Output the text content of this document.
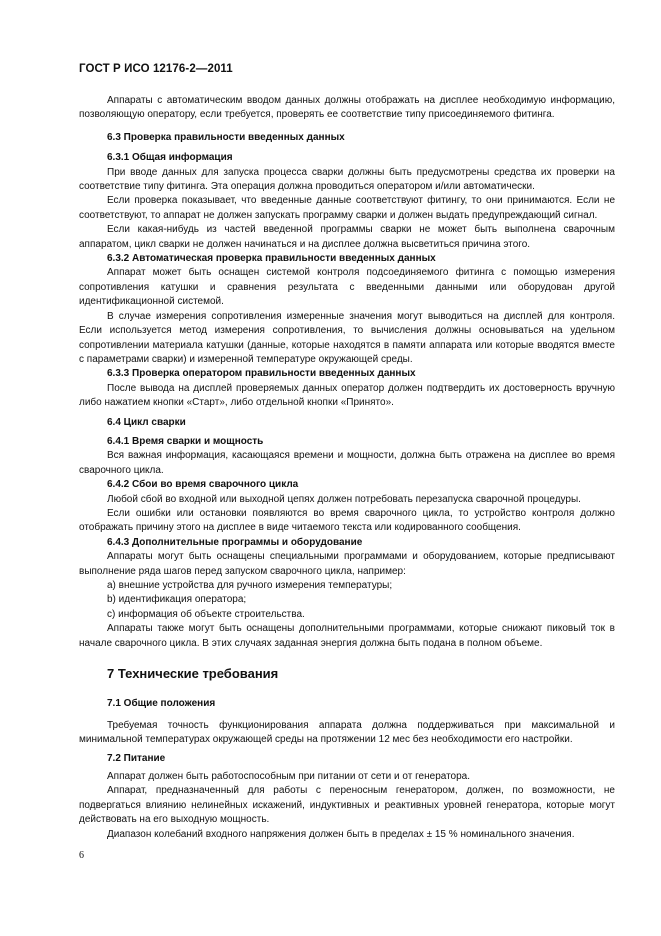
ГОСТ Р ИСО 12176-2—2011

Аппараты с автоматическим вводом данных должны отображать на дисплее необходимую информацию, позволяющую оператору, если требуется, проверять ее соответствие типу присоединяемого фитинга.

6.3 Проверка правильности введенных данных

6.3.1 Общая информация

При вводе данных для запуска процесса сварки должны быть предусмотрены средства их проверки на соответствие типу фитинга. Эта операция должна проводиться оператором и/или автоматически.

Если проверка показывает, что введенные данные соответствуют фитингу, то они принимаются. Если не соответствуют, то аппарат не должен запускать программу сварки и должен выдать предупреждающий сигнал.

Если какая-нибудь из частей введенной программы сварки не может быть выполнена сварочным аппаратом, цикл сварки не должен начинаться и на дисплее должна высветиться причина этого.

6.3.2 Автоматическая проверка правильности введенных данных

Аппарат может быть оснащен системой контроля подсоединяемого фитинга с помощью измерения сопротивления катушки и сравнения результата с введенными данными или оборудован другой идентификационной системой.

В случае измерения сопротивления измеренные значения могут выводиться на дисплей для контроля. Если используется метод измерения сопротивления, то вычисления должны основываться на удельном сопротивлении материала катушки (данные, которые находятся в памяти аппарата или которые вводятся вместе с параметрами сварки) и измеренной температуре окружающей среды.

6.3.3 Проверка оператором правильности введенных данных

После вывода на дисплей проверяемых данных оператор должен подтвердить их достоверность вручную либо нажатием кнопки «Старт», либо отдельной кнопки «Принято».

6.4 Цикл сварки

6.4.1 Время сварки и мощность

Вся важная информация, касающаяся времени и мощности, должна быть отражена на дисплее во время сварочного цикла.

6.4.2 Сбои во время сварочного цикла

Любой сбой во входной или выходной цепях должен потребовать перезапуска сварочной процедуры.

Если ошибки или остановки появляются во время сварочного цикла, то устройство контроля должно отображать причину этого на дисплее в виде читаемого текста или кодированного сообщения.

6.4.3 Дополнительные программы и оборудование

Аппараты могут быть оснащены специальными программами и оборудованием, которые предписывают выполнение ряда шагов перед запуском сварочного цикла, например:

a) внешние устройства для ручного измерения температуры;

b) идентификация оператора;

c) информация об объекте строительства.

Аппараты также могут быть оснащены дополнительными программами, которые снижают пиковый ток в начале сварочного цикла. В этих случаях заданная энергия должна быть подана в полном объеме.

7 Технические требования

7.1 Общие положения

Требуемая точность функционирования аппарата должна поддерживаться при максимальной и минимальной температурах окружающей среды на протяжении 12 мес без необходимости его настройки.

7.2 Питание

Аппарат должен быть работоспособным при питании от сети и от генератора.

Аппарат, предназначенный для работы с переносным генератором, должен, по возможности, не подвергаться влиянию нелинейных искажений, индуктивных и реактивных уровней генератора, которые могут действовать на его выходную мощность.

Диапазон колебаний входного напряжения должен быть в пределах ± 15 % номинального значения.

6
